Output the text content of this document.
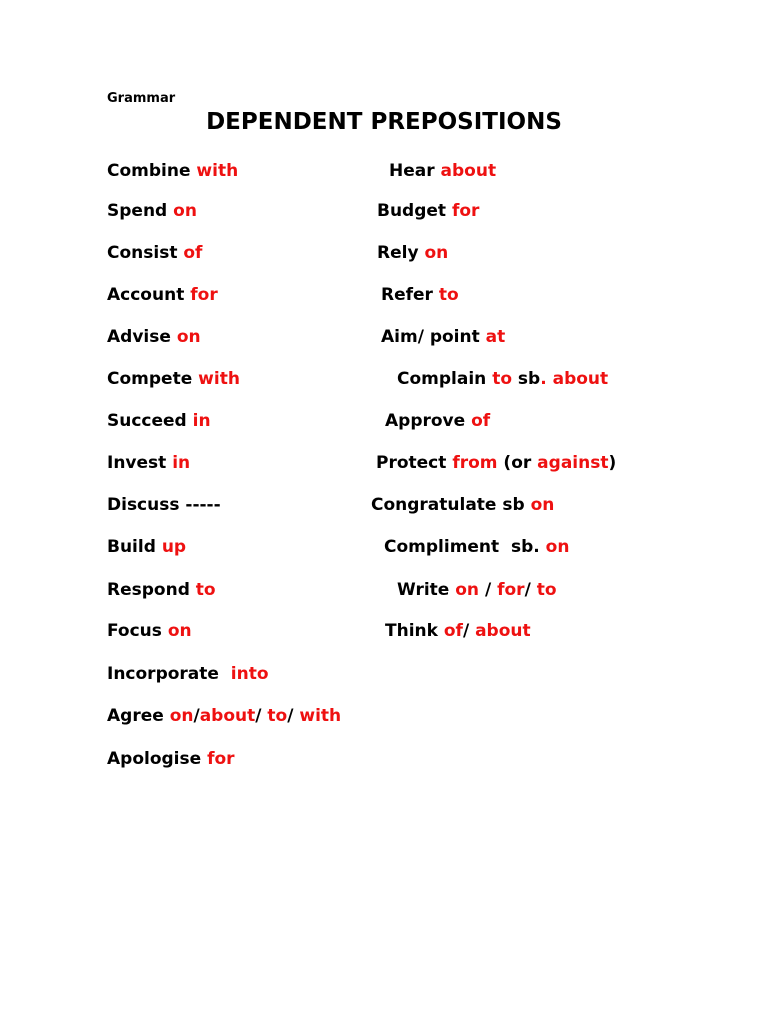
Grammar
DEPENDENT PREPOSITIONS
Combine with
Spend on
Consist of
Account for
Advise on
Compete with
Succeed in
Invest in
Discuss -----
Build up
Respond to
Focus on
Incorporate  into
Agree on/about/ to/ with
Apologise for
Hear about
Budget for
Rely on
Refer to
Aim/ point at
Complain to sb. about
Approve of
Protect from (or against)
Congratulate sb on
Compliment  sb. on
Write on / for/ to
Think of/ about
